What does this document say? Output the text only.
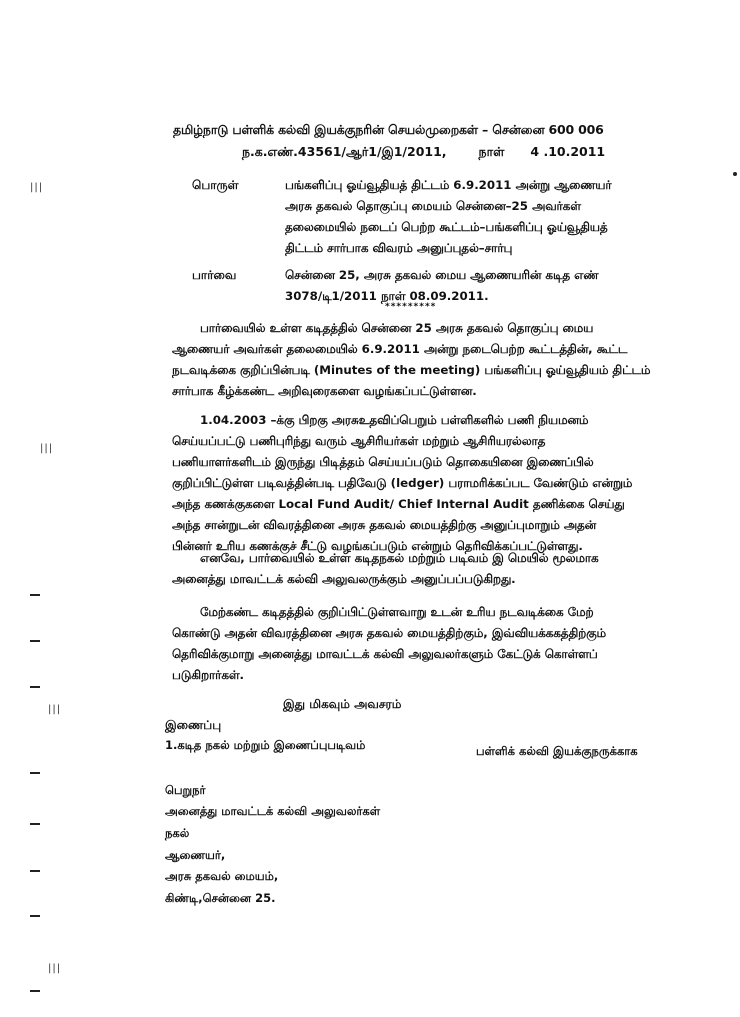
தமிழ்நாடு பள்ளிக் கல்வி இயக்குநரின் செயல்முறைகள் – சென்னை 600 006
ந.க.எண்.43561/ஆர்1/இ1/2011,	நாள் 4 .10.2011
பொருள்	பங்களிப்பு ஓய்வூதியத் திட்டம் 6.9.2011 அன்று ஆணையர்
அரசு தகவல் தொகுப்பு மையம் சென்னை–25 அவர்கள்
தலைமையில் நடைப் பெற்ற கூட்டம்–பங்களிப்பு ஓய்வூதியத்
திட்டம் சார்பாக விவரம் அனுப்புதல்–சார்பு
பார்வை	சென்னை 25, அரசு தகவல் மைய ஆணையரின் கடித எண்
3078/டி1/2011 நாள் 08.09.2011.
*********
பார்வையில் உள்ள கடிதத்தில் சென்னை 25 அரசு தகவல் தொகுப்பு மைய
ஆணையர் அவர்கள் தலைமையில் 6.9.2011 அன்று நடைபெற்ற கூட்டத்தின், கூட்ட
நடவடிக்கை குறிப்பின்படி (Minutes of the meeting) பங்களிப்பு ஓய்வூதியம் திட்டம்
சார்பாக கீழ்க்கண்ட அறிவுரைகளை வழங்கப்பட்டுள்ளன.
1.04.2003 –க்கு பிறகு அரசுஉதவிப்பெறும் பள்ளிகளில் பணி நியமனம்
செய்யப்பட்டு பணிபுரிந்து வரும் ஆசிரியர்கள் மற்றும் ஆசிரியரல்லாத
பணியாளர்களிடம் இருந்து பிடித்தம் செய்யப்படும் தொகையினை இணைப்பில்
குறிப்பிட்டுள்ள படிவத்தின்படி பதிவேடு (ledger) பராமரிக்கப்பட வேண்டும் என்றும்
அந்த கணக்குகளை Local Fund Audit/ Chief Internal Audit தணிக்கை செய்து
அந்த சான்றுடன் விவரத்தினை அரசு தகவல் மையத்திற்கு அனுப்புமாறும் அதன்
பின்னர் உரிய கணக்குச் சீட்டு வழங்கப்படும் என்றும் தெரிவிக்கப்பட்டுள்ளது.
எனவே, பார்வையில் உள்ள கடிதநகல் மற்றும் படிவம் இ மெயில் மூலமாக
அனைத்து மாவட்டக் கல்வி அலுவலருக்கும் அனுப்பப்படுகிறது.
மேற்கண்ட கடிதத்தில் குறிப்பிட்டுள்ளவாறு உடன் உரிய நடவடிக்கை மேற்
கொண்டு அதன் விவரத்தினை அரசு தகவல் மையத்திற்கும், இவ்வியக்ககத்திற்கும்
தெரிவிக்குமாறு அனைத்து மாவட்டக் கல்வி அலுவலர்களும் கேட்டுக் கொள்ளப்
படுகிறார்கள்.
இது மிகவும் அவசரம்
இணைப்பு
1.கடித நகல் மற்றும் இணைப்புபடிவம்	பள்ளிக் கல்வி இயக்குநருக்காக
பெறுநர்
அனைத்து மாவட்டக் கல்வி அலுவலர்கள்
நகல்
ஆணையர்,
அரசு தகவல் மையம்,
கிண்டி,சென்னை 25.
|||
|||
|||
|||
